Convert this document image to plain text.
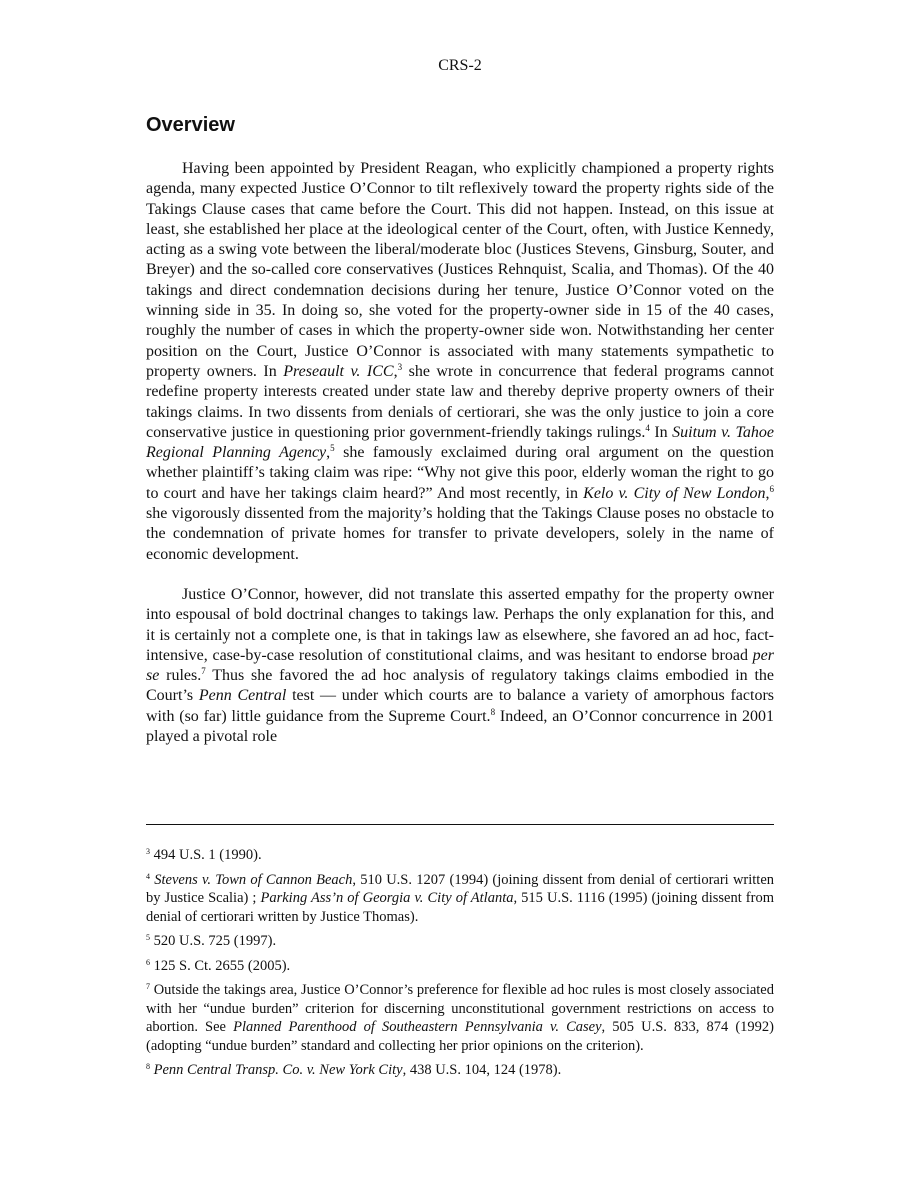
CRS-2
Overview

Having been appointed by President Reagan, who explicitly championed a property rights agenda, many expected Justice O’Connor to tilt reflexively toward the property rights side of the Takings Clause cases that came before the Court. This did not happen. Instead, on this issue at least, she established her place at the ideological center of the Court, often, with Justice Kennedy, acting as a swing vote between the liberal/moderate bloc (Justices Stevens, Ginsburg, Souter, and Breyer) and the so-called core conservatives (Justices Rehnquist, Scalia, and Thomas). Of the 40 takings and direct condemnation decisions during her tenure, Justice O’Connor voted on the winning side in 35. In doing so, she voted for the property-owner side in 15 of the 40 cases, roughly the number of cases in which the property-owner side won. Notwithstanding her center position on the Court, Justice O’Connor is associated with many statements sympathetic to property owners. In Preseault v. ICC,$^3$ she wrote in concurrence that federal programs cannot redefine property interests created under state law and thereby deprive property owners of their takings claims. In two dissents from denials of certiorari, she was the only justice to join a core conservative justice in questioning prior government-friendly takings rulings.$^4$ In Suitum v. Tahoe Regional Planning Agency,$^5$ she famously exclaimed during oral argument on the question whether plaintiff’s taking claim was ripe: “Why not give this poor, elderly woman the right to go to court and have her takings claim heard?” And most recently, in Kelo v. City of New London,$^6$ she vigorously dissented from the majority’s holding that the Takings Clause poses no obstacle to the condemnation of private homes for transfer to private developers, solely in the name of economic development.

Justice O’Connor, however, did not translate this asserted empathy for the property owner into espousal of bold doctrinal changes to takings law. Perhaps the only explanation for this, and it is certainly not a complete one, is that in takings law as elsewhere, she favored an ad hoc, fact-intensive, case-by-case resolution of constitutional claims, and was hesitant to endorse broad per se rules.$^7$ Thus she favored the ad hoc analysis of regulatory takings claims embodied in the Court’s Penn Central test — under which courts are to balance a variety of amorphous factors with (so far) little guidance from the Supreme Court.$^8$ Indeed, an O’Connor concurrence in 2001 played a pivotal role

$^3$ 494 U.S. 1 (1990).

$^4$ Stevens v. Town of Cannon Beach, 510 U.S. 1207 (1994) (joining dissent from denial of certiorari written by Justice Scalia) ; Parking Ass’n of Georgia v. City of Atlanta, 515 U.S. 1116 (1995) (joining dissent from denial of certiorari written by Justice Thomas).

$^5$ 520 U.S. 725 (1997).

$^6$ 125 S. Ct. 2655 (2005).

$^7$ Outside the takings area, Justice O’Connor’s preference for flexible ad hoc rules is most closely associated with her “undue burden” criterion for discerning unconstitutional government restrictions on access to abortion. See Planned Parenthood of Southeastern Pennsylvania v. Casey, 505 U.S. 833, 874 (1992) (adopting “undue burden” standard and collecting her prior opinions on the criterion).

$^8$ Penn Central Transp. Co. v. New York City, 438 U.S. 104, 124 (1978).
